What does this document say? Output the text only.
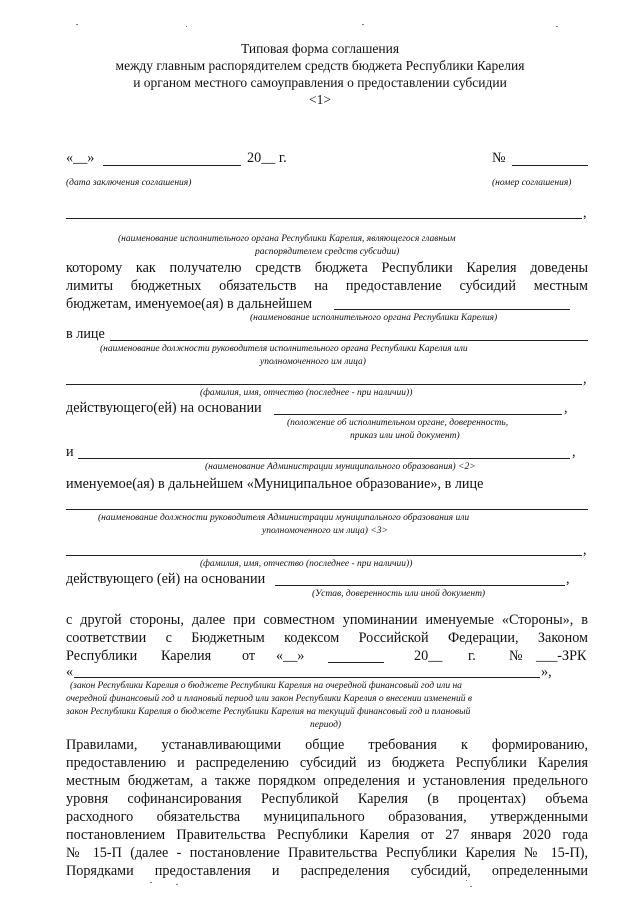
Типовая форма соглашения
между главным распорядителем средств бюджета Республики Карелия
и органом местного самоуправления о предоставлении субсидии
<1>
«__»	20__ г.	№
(дата заключения соглашения)	(номер соглашения)
,
(наименование исполнительного органа Республики Карелия, являющегося главным
распорядителем средств субсидии)
которому как получателю средств бюджета Республики Карелия доведены
лимиты бюджетных обязательств на предоставление субсидий местным
бюджетам, именуемое(ая) в дальнейшем
(наименование исполнительного органа Республики Карелия)
в лице
(наименование должности руководителя исполнительного органа Республики Карелия или
уполномоченного им лица)
,
(фамилия, имя, отчество (последнее - при наличии))
действующего(ей) на основании	,
(положение об исполнительном органе, доверенность,
приказ или иной документ)
и	,
(наименование Администрации муниципального образования) <2>
именуемое(ая) в дальнейшем «Муниципальное образование», в лице
(наименование должности руководителя Администрации муниципального образования или
уполномоченного им лица) <3>
,
(фамилия, имя, отчество (последнее - при наличии))
действующего (ей) на основании	,
(Устав, доверенность или иной документ)
с другой стороны, далее при совместном упоминании именуемые «Стороны», в
соответствии с Бюджетным кодексом Российской Федерации, Законом
Республики Карелия от «__»	20__ г. № ___-ЗРК
«	»,
(закон Республики Карелия о бюджете Республики Карелия на очередной финансовый год или на
очередной финансовый год и плановый период или закон Республики Карелия о внесении изменений в
закон Республики Карелия о бюджете Республики Карелия на текущий финансовый год и плановый
период)
Правилами, устанавливающими общие требования к формированию,
предоставлению и распределению субсидий из бюджета Республики Карелия
местным бюджетам, а также порядком определения и установления предельного
уровня софинансирования Республикой Карелия (в процентах) объема
расходного обязательства муниципального образования, утвержденными
постановлением Правительства Республики Карелия от 27 января 2020 года
№ 15-П (далее - постановление Правительства Республики Карелия № 15-П),
Порядками предоставления и распределения субсидий, определенными
